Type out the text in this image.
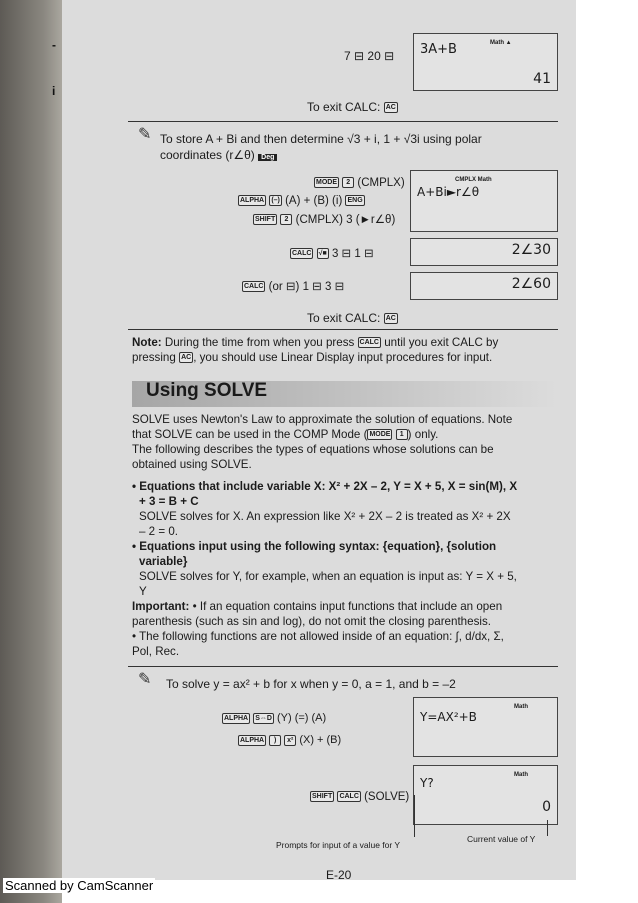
-
i
7 ⊟ 20 ⊟
Math ▲
3A+B
41
To exit CALC: AC
✎ To store A + Bi and then determine √3 + i, 1 + √3i using polar coordinates (r∠θ) Deg
MODE 2 (CMPLX)
ALPHA (–) (A) + (B) (i) ENG
SHIFT 2 (CMPLX) 3 (►r∠θ)
CMPLX Math
A+Bi►r∠θ
CALC √■ 3 ⊟ 1 ⊟	2∠30
CALC (or ⊟) 1 ⊟ 3 ⊟	2∠60
To exit CALC: AC
Note: During the time from when you press CALC until you exit CALC by
pressing AC , you should use Linear Display input procedures for input.
Using SOLVE
SOLVE uses Newton's Law to approximate the solution of equations. Note
that SOLVE can be used in the COMP Mode ( MODE 1 ) only.
The following describes the types of equations whose solutions can be
obtained using SOLVE.
• Equations that include variable X: X² + 2X – 2, Y = X + 5, X = sin(M), X
+ 3 = B + C
SOLVE solves for X. An expression like X² + 2X – 2 is treated as X² + 2X
– 2 = 0.
• Equations input using the following syntax: {equation}, {solution
variable}
SOLVE solves for Y, for example, when an equation is input as: Y = X + 5,
Y
Important: • If an equation contains input functions that include an open
parenthesis (such as sin and log), do not omit the closing parenthesis.
• The following functions are not allowed inside of an equation: ∫, d/dx, Σ,
Pol, Rec.
✎ To solve y = ax² + b for x when y = 0, a = 1, and b = –2
ALPHA S⇔D (Y) (=) (A)
ALPHA ) x² (X) + (B)
Math
Y=AX²+B
SHIFT CALC (SOLVE)
Math
Y?
0
Prompts for input of a value for Y
Current value of Y
E-20
Scanned by CamScanner
